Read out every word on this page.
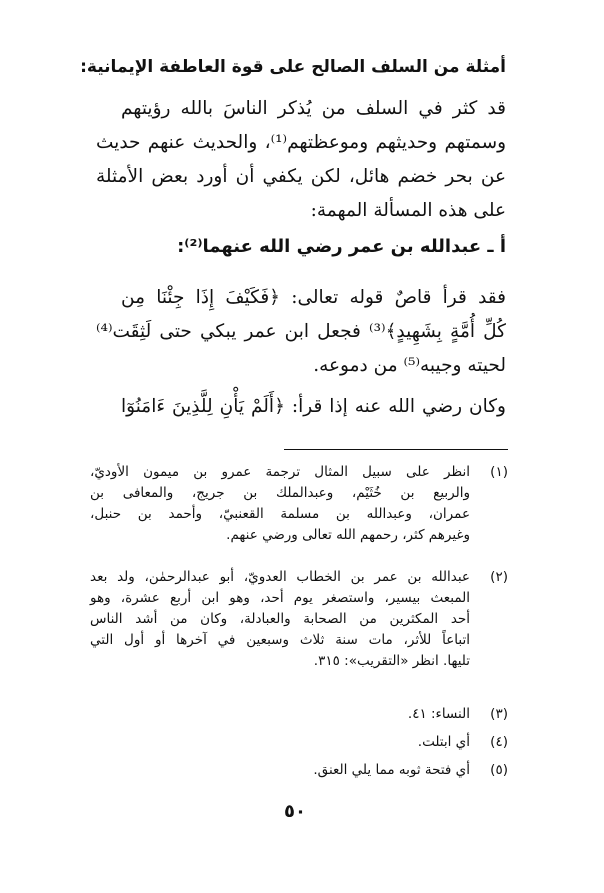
أمثلة من السلف الصالح على قوة العاطفة الإيمانية:
قد كثر في السلف من يُذكر الناسَ بالله رؤيتهم
وسمتهم وحديثهم وموعظتهم⁽¹⁾، والحديث عنهم حديث
عن بحر خضم هائل، لكن يكفي أن أورد بعض الأمثلة
على هذه المسألة المهمة:
أ ـ عبدالله بن عمر رضي الله عنهما⁽²⁾:
فقد قرأ قاصٌ قوله تعالى: ﴿فَكَيْفَ إِذَا جِئْنَا مِن
كُلِّ أُمَّةٍ بِشَهِيدٍ﴾⁽³⁾ فجعل ابن عمر يبكي حتى لَثِقَت⁽⁴⁾
لحيته وجيبه⁽⁵⁾ من دموعه.
وكان رضي الله عنه إذا قرأ: ﴿أَلَمْ يَأْنِ لِلَّذِينَ ءَامَنُوٓا
(١)
انظر على سبيل المثال ترجمة عمرو بن ميمون الأوديّ،
والربيع بن خُثَيْم، وعبدالملك بن جريج، والمعافى بن
عمران، وعبدالله بن مسلمة القعنبيّ، وأحمد بن حنبل،
وغيرهم كثر، رحمهم الله تعالى ورضي عنهم.
(٢)
عبدالله بن عمر بن الخطاب العدويّ، أبو عبدالرحمٰن، ولد بعد
المبعث بيسير، واستصغر يوم أحد، وهو ابن أربع عشرة، وهو
أحد المكثرين من الصحابة والعبادلة، وكان من أشد الناس
اتباعاً للأثر، مات سنة ثلاث وسبعين في آخرها أو أول التي
تليها. انظر «التقريب»: ٣١٥.
(٣)
النساء: ٤١.
(٤)
أي ابتلت.
(٥)
أي فتحة ثوبه مما يلي العنق.
٥٠
